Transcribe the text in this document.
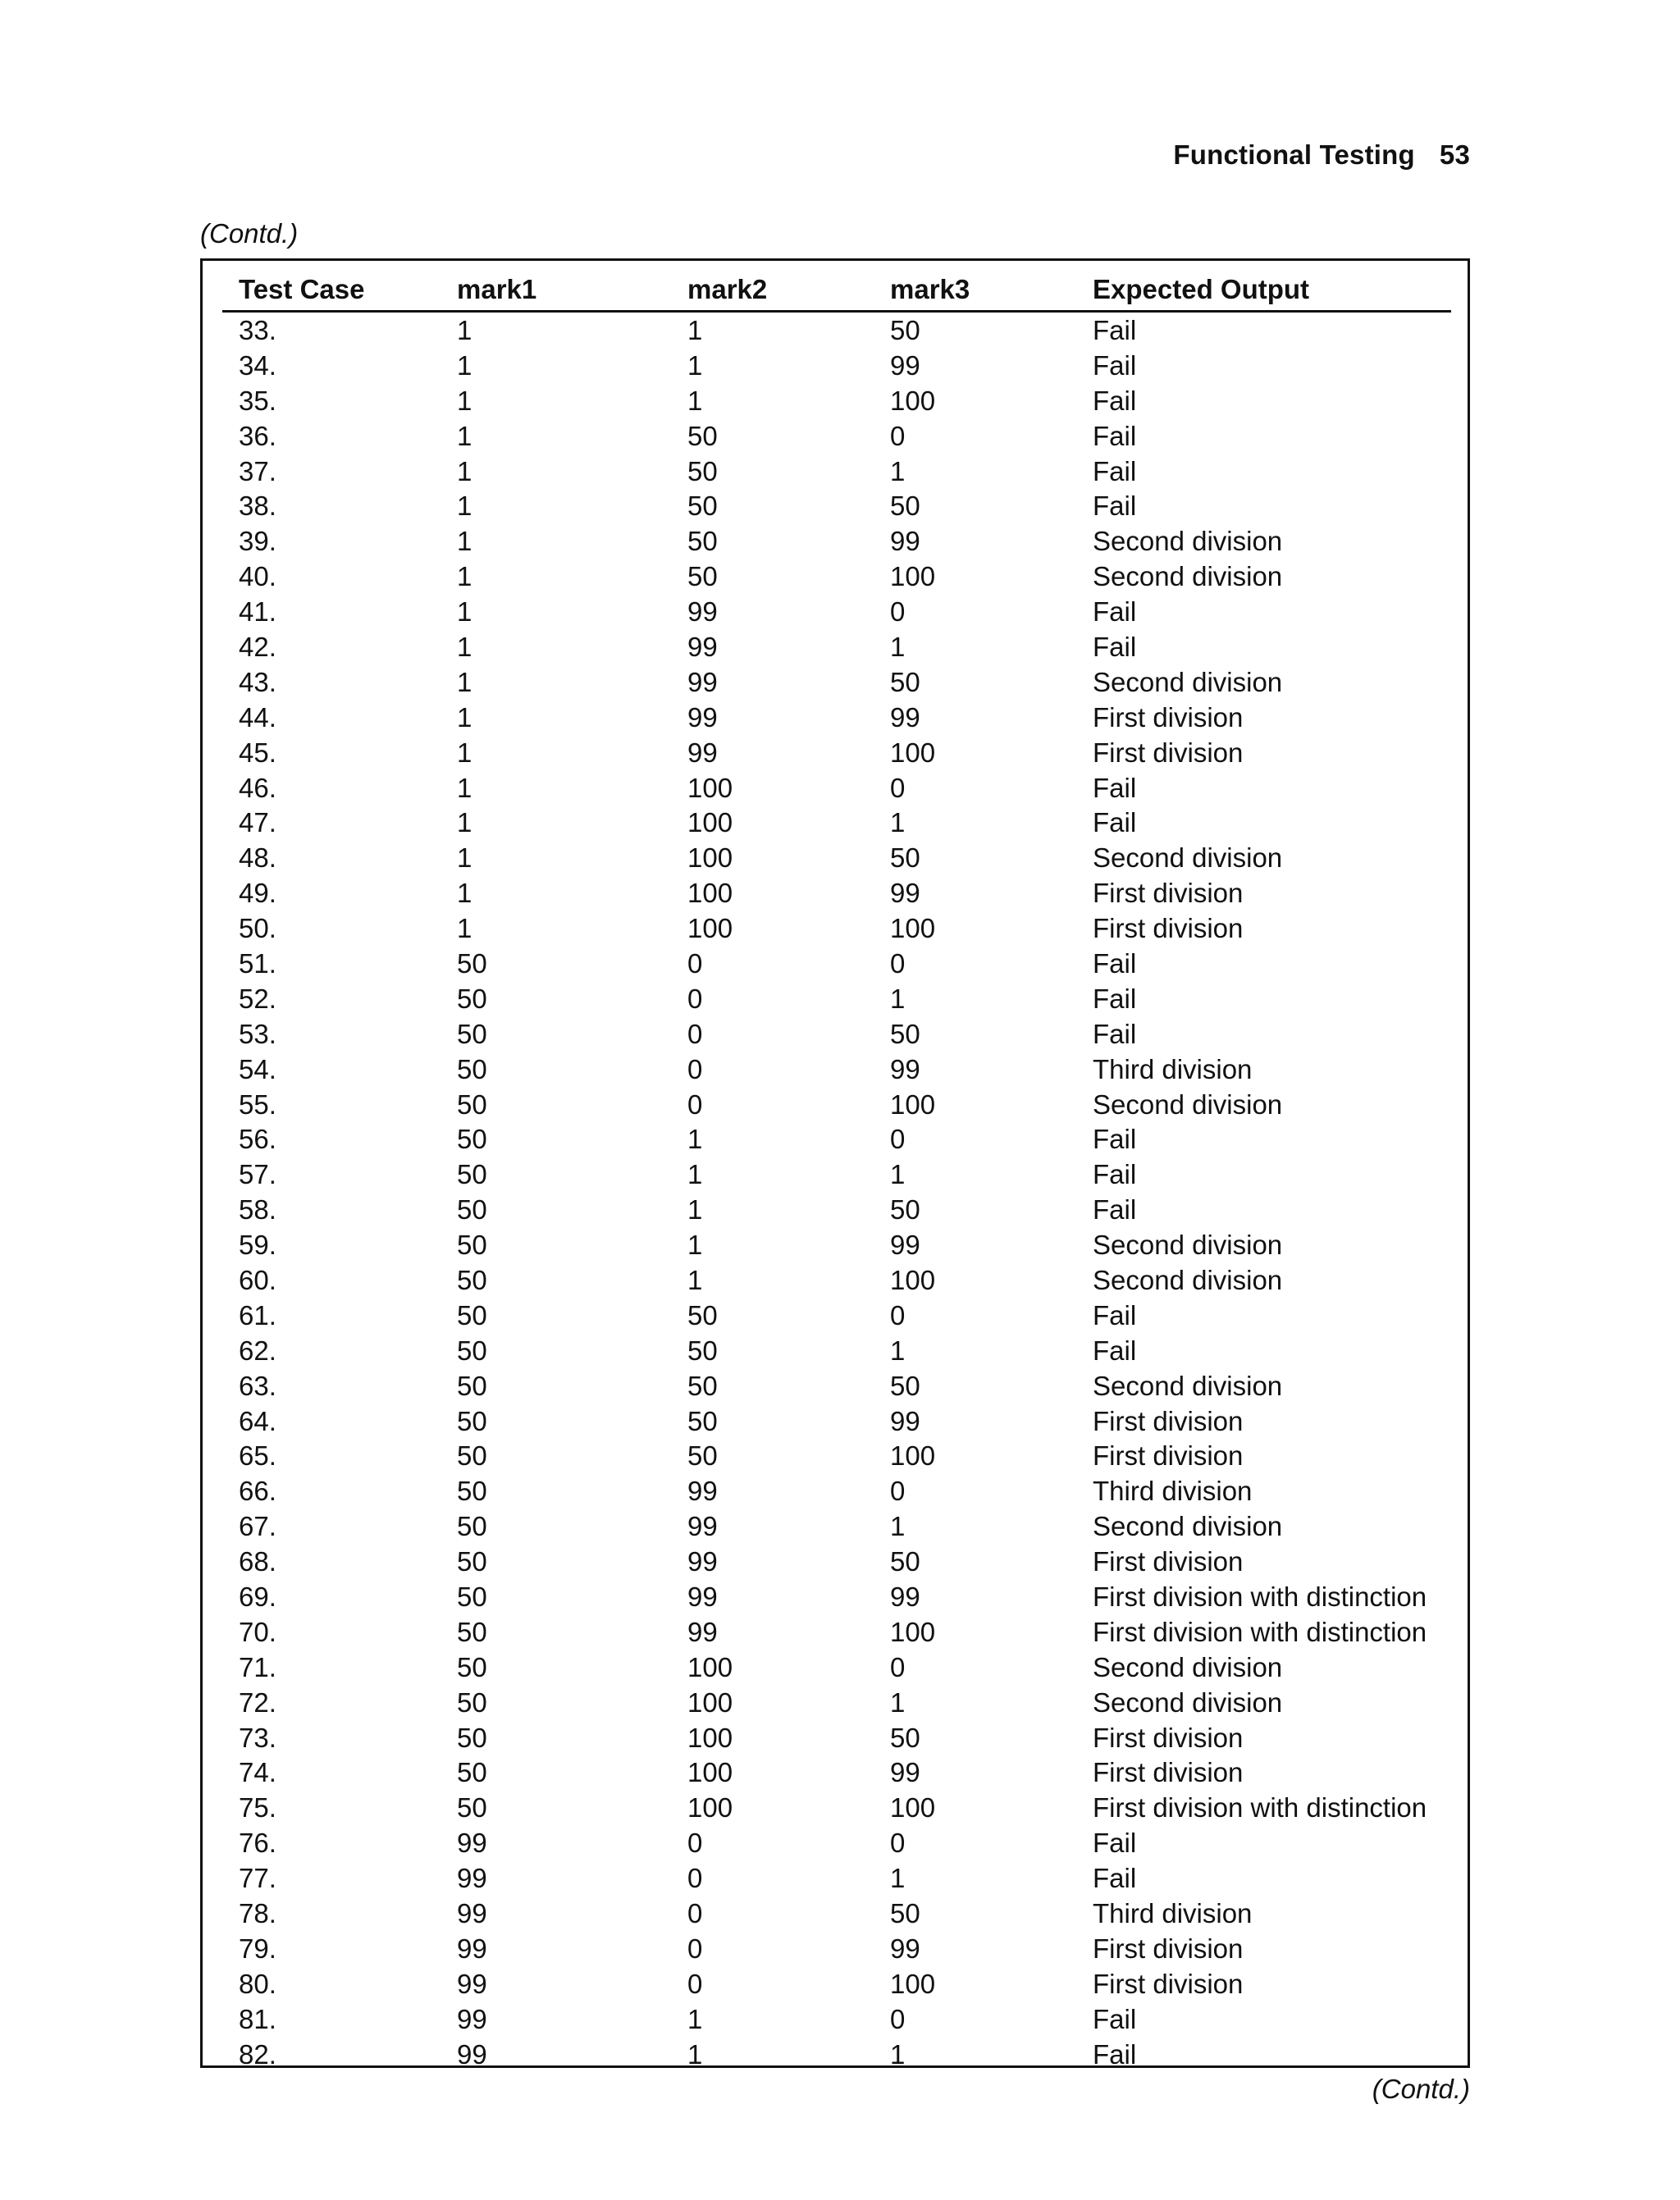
Functional Testing 53
(Contd.)
Test Case	mark1	mark2	mark3	Expected Output
33.	1	1	50	Fail
34.	1	1	99	Fail
35.	1	1	100	Fail
36.	1	50	0	Fail
37.	1	50	1	Fail
38.	1	50	50	Fail
39.	1	50	99	Second division
40.	1	50	100	Second division
41.	1	99	0	Fail
42.	1	99	1	Fail
43.	1	99	50	Second division
44.	1	99	99	First division
45.	1	99	100	First division
46.	1	100	0	Fail
47.	1	100	1	Fail
48.	1	100	50	Second division
49.	1	100	99	First division
50.	1	100	100	First division
51.	50	0	0	Fail
52.	50	0	1	Fail
53.	50	0	50	Fail
54.	50	0	99	Third division
55.	50	0	100	Second division
56.	50	1	0	Fail
57.	50	1	1	Fail
58.	50	1	50	Fail
59.	50	1	99	Second division
60.	50	1	100	Second division
61.	50	50	0	Fail
62.	50	50	1	Fail
63.	50	50	50	Second division
64.	50	50	99	First division
65.	50	50	100	First division
66.	50	99	0	Third division
67.	50	99	1	Second division
68.	50	99	50	First division
69.	50	99	99	First division with distinction
70.	50	99	100	First division with distinction
71.	50	100	0	Second division
72.	50	100	1	Second division
73.	50	100	50	First division
74.	50	100	99	First division
75.	50	100	100	First division with distinction
76.	99	0	0	Fail
77.	99	0	1	Fail
78.	99	0	50	Third division
79.	99	0	99	First division
80.	99	0	100	First division
81.	99	1	0	Fail
82.	99	1	1	Fail
(Contd.)
